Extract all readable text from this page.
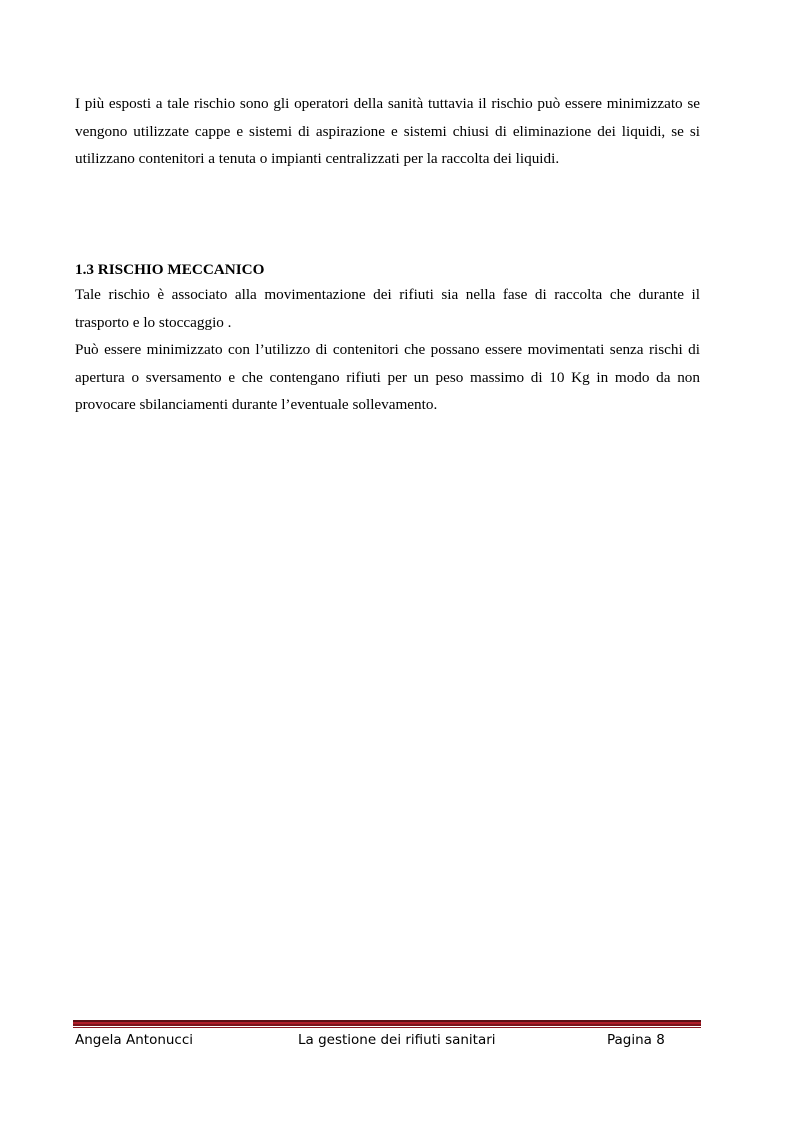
I più esposti a tale rischio sono gli operatori della sanità tuttavia il rischio può essere minimizzato se vengono utilizzate cappe e sistemi di aspirazione e sistemi chiusi di eliminazione dei liquidi, se si utilizzano contenitori a tenuta o impianti centralizzati per la raccolta dei liquidi.

1.3 RISCHIO MECCANICO

Tale rischio è associato alla movimentazione dei rifiuti sia nella fase di raccolta che durante il trasporto e lo stoccaggio .

Può essere minimizzato con l’utilizzo di contenitori che possano essere movimentati senza rischi di apertura o sversamento e che contengano rifiuti per un peso massimo di 10 Kg in modo da non provocare sbilanciamenti durante l’eventuale sollevamento.

Angela Antonucci	La gestione dei rifiuti sanitari	Pagina 8
